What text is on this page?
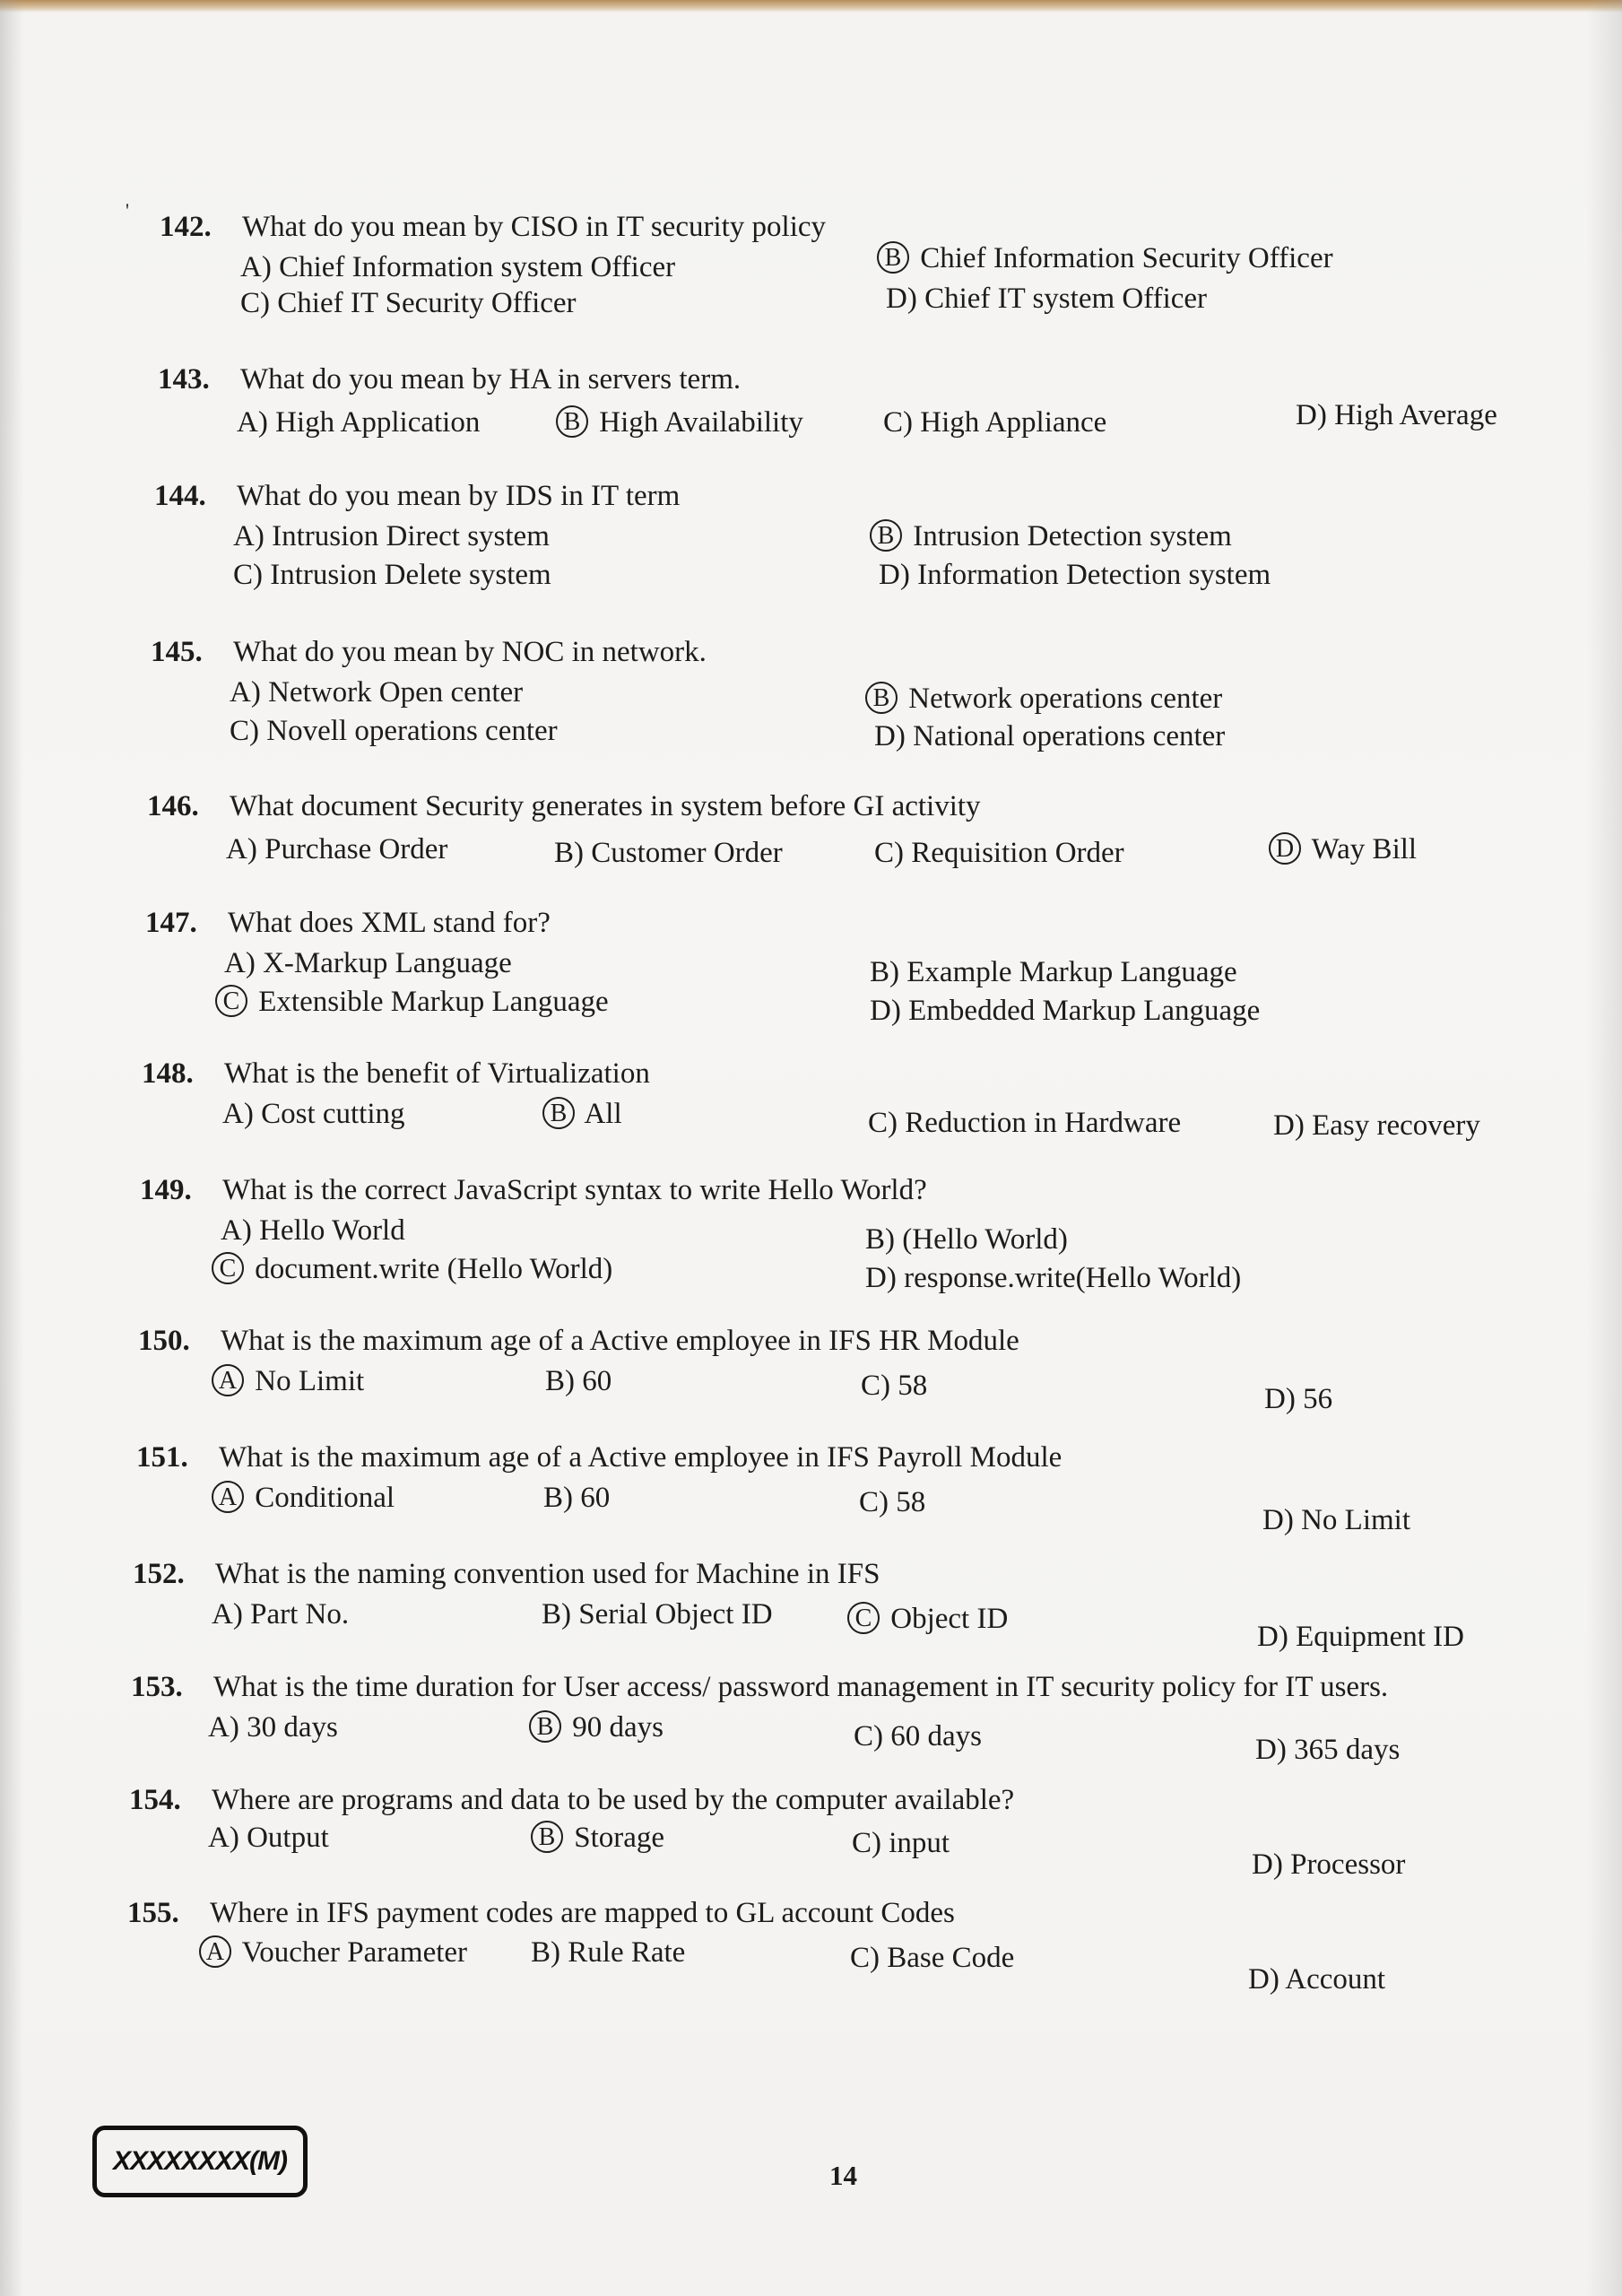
'
142. What do you mean by CISO in IT security policy
A) Chief Information system Officer	B Chief Information Security Officer
C) Chief IT Security Officer	D) Chief IT system Officer
143. What do you mean by HA in servers term.
A) High Application	B High Availability	C) High Appliance	D) High Average
144. What do you mean by IDS in IT term
A) Intrusion Direct system	B Intrusion Detection system
C) Intrusion Delete system	D) Information Detection system
145. What do you mean by NOC in network.
A) Network Open center	B Network operations center
C) Novell operations center	D) National operations center
146. What document Security generates in system before GI activity
A) Purchase Order	B) Customer Order	C) Requisition Order	D Way Bill
147. What does XML stand for?
A) X-Markup Language	B) Example Markup Language
C Extensible Markup Language	D) Embedded Markup Language
148. What is the benefit of Virtualization
A) Cost cutting	B All	C) Reduction in Hardware	D) Easy recovery
149. What is the correct JavaScript syntax to write Hello World?
A) Hello World	B) (Hello World)
C document.write (Hello World)	D) response.write(Hello World)
150. What is the maximum age of a Active employee in IFS HR Module
A No Limit	B) 60	C) 58	D) 56
151. What is the maximum age of a Active employee in IFS Payroll Module
A Conditional	B) 60	C) 58
D) No Limit
152. What is the naming convention used for Machine in IFS
A) Part No.	B) Serial Object ID	C Object ID
D) Equipment ID
153. What is the time duration for User access/ password management in IT security policy for IT users.
A) 30 days	B 90 days	C) 60 days	D) 365 days
154. Where are programs and data to be used by the computer available?
A) Output	B Storage	C) input
D) Processor
155. Where in IFS payment codes are mapped to GL account Codes
A Voucher Parameter B) Rule Rate	C) Base Code
D) Account
XXXXXXXX(M)	14
